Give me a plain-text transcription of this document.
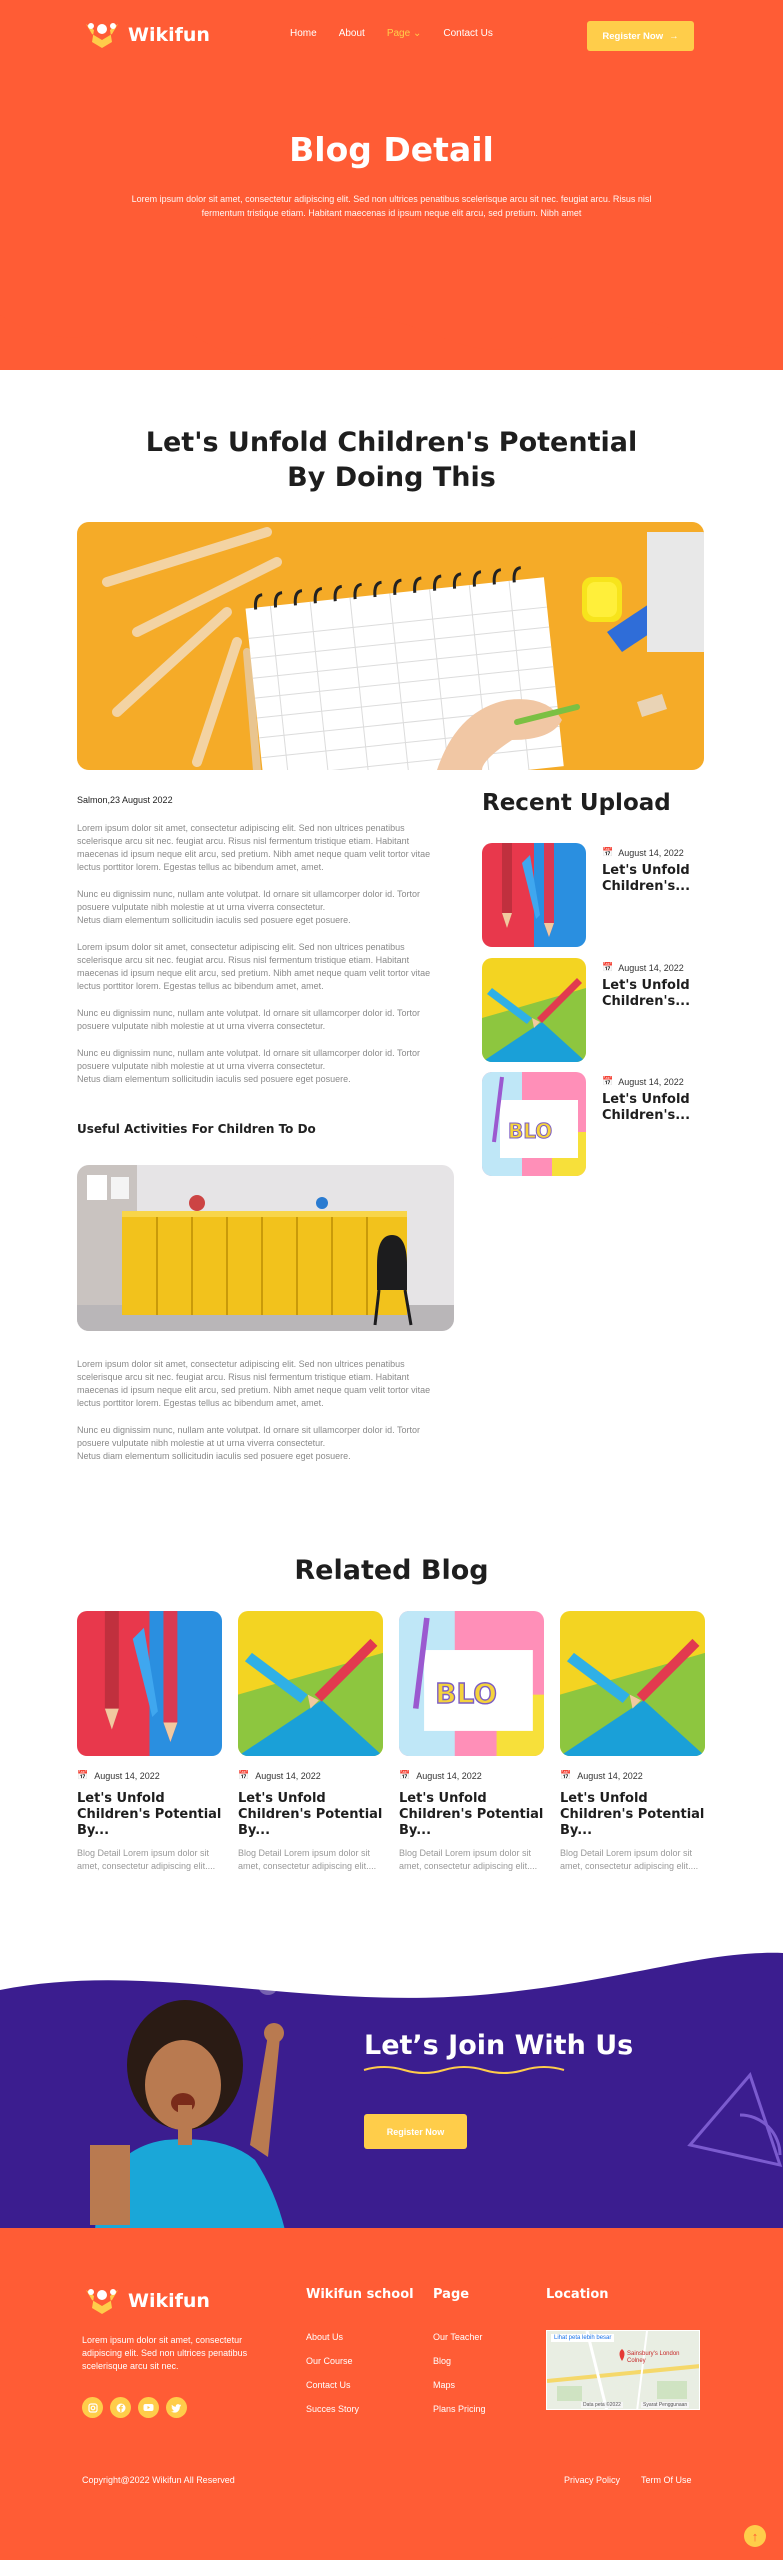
Wikifun	Home About Page ⌄ Contact Us	Register Now →
Blog Detail
Lorem ipsum dolor sit amet, consectetur adipiscing elit. Sed non ultrices penatibus scelerisque arcu sit nec. feugiat arcu. Risus nisl fermentum tristique etiam. Habitant maecenas id ipsum neque elit arcu, sed pretium. Nibh amet
Let's Unfold Children's Potential
By Doing This
Salmon,23 August 2022
Lorem ipsum dolor sit amet, consectetur adipiscing elit. Sed non ultrices penatibus scelerisque arcu sit nec. feugiat arcu. Risus nisl fermentum tristique etiam. Habitant maecenas id ipsum neque elit arcu, sed pretium. Nibh amet neque quam velit tortor vitae lectus porttitor lorem. Egestas tellus ac bibendum amet, amet.
Nunc eu dignissim nunc, nullam ante volutpat. Id ornare sit ullamcorper dolor id. Tortor posuere vulputate nibh molestie at ut urna viverra consectetur.
Netus diam elementum sollicitudin iaculis sed posuere eget posuere.
Lorem ipsum dolor sit amet, consectetur adipiscing elit. Sed non ultrices penatibus scelerisque arcu sit nec. feugiat arcu. Risus nisl fermentum tristique etiam. Habitant maecenas id ipsum neque elit arcu, sed pretium. Nibh amet neque quam velit tortor vitae lectus porttitor lorem. Egestas tellus ac bibendum amet, amet.
Nunc eu dignissim nunc, nullam ante volutpat. Id ornare sit ullamcorper dolor id. Tortor posuere vulputate nibh molestie at ut urna viverra consectetur.
Nunc eu dignissim nunc, nullam ante volutpat. Id ornare sit ullamcorper dolor id. Tortor posuere vulputate nibh molestie at ut urna viverra consectetur.
Netus diam elementum sollicitudin iaculis sed posuere eget posuere.
Useful Activities For Children To Do
Lorem ipsum dolor sit amet, consectetur adipiscing elit. Sed non ultrices penatibus scelerisque arcu sit nec. feugiat arcu. Risus nisl fermentum tristique etiam. Habitant maecenas id ipsum neque elit arcu, sed pretium. Nibh amet neque quam velit tortor vitae lectus porttitor lorem. Egestas tellus ac bibendum amet, amet.
Nunc eu dignissim nunc, nullam ante volutpat. Id ornare sit ullamcorper dolor id. Tortor posuere vulputate nibh molestie at ut urna viverra consectetur.
Netus diam elementum sollicitudin iaculis sed posuere eget posuere.
Recent Upload
📅 August 14, 2022
Let's Unfold Children's...
📅 August 14, 2022
Let's Unfold Children's...
BLO
📅 August 14, 2022
Let's Unfold Children's...
Related Blog
📅 August 14, 2022
Let's Unfold Children's Potential By...
Blog Detail Lorem ipsum dolor sit amet, consectetur adipiscing elit....
📅 August 14, 2022
Let's Unfold Children's Potential By...
Blog Detail Lorem ipsum dolor sit amet, consectetur adipiscing elit....
BLO
📅 August 14, 2022
Let's Unfold Children's Potential By...
Blog Detail Lorem ipsum dolor sit amet, consectetur adipiscing elit....
📅 August 14, 2022
Let's Unfold Children's Potential By...
Blog Detail Lorem ipsum dolor sit amet, consectetur adipiscing elit....
Let’s Join With Us
Register Now
Wikifun
Lorem ipsum dolor sit amet, consectetur adipiscing elit. Sed non ultrices penatibus scelerisque arcu sit nec.
Wikifun school
About Us
Our Course
Contact Us
Succes Story
Page
Our Teacher
Blog
Maps
Plans Pricing
Location
Lihat peta lebih besar
Sainsbury's London Colney
Data peta ©2022	Syarat Penggunaan
Copyright@2022 Wikifun All Reserved	Privacy Policy Term Of Use
↑
